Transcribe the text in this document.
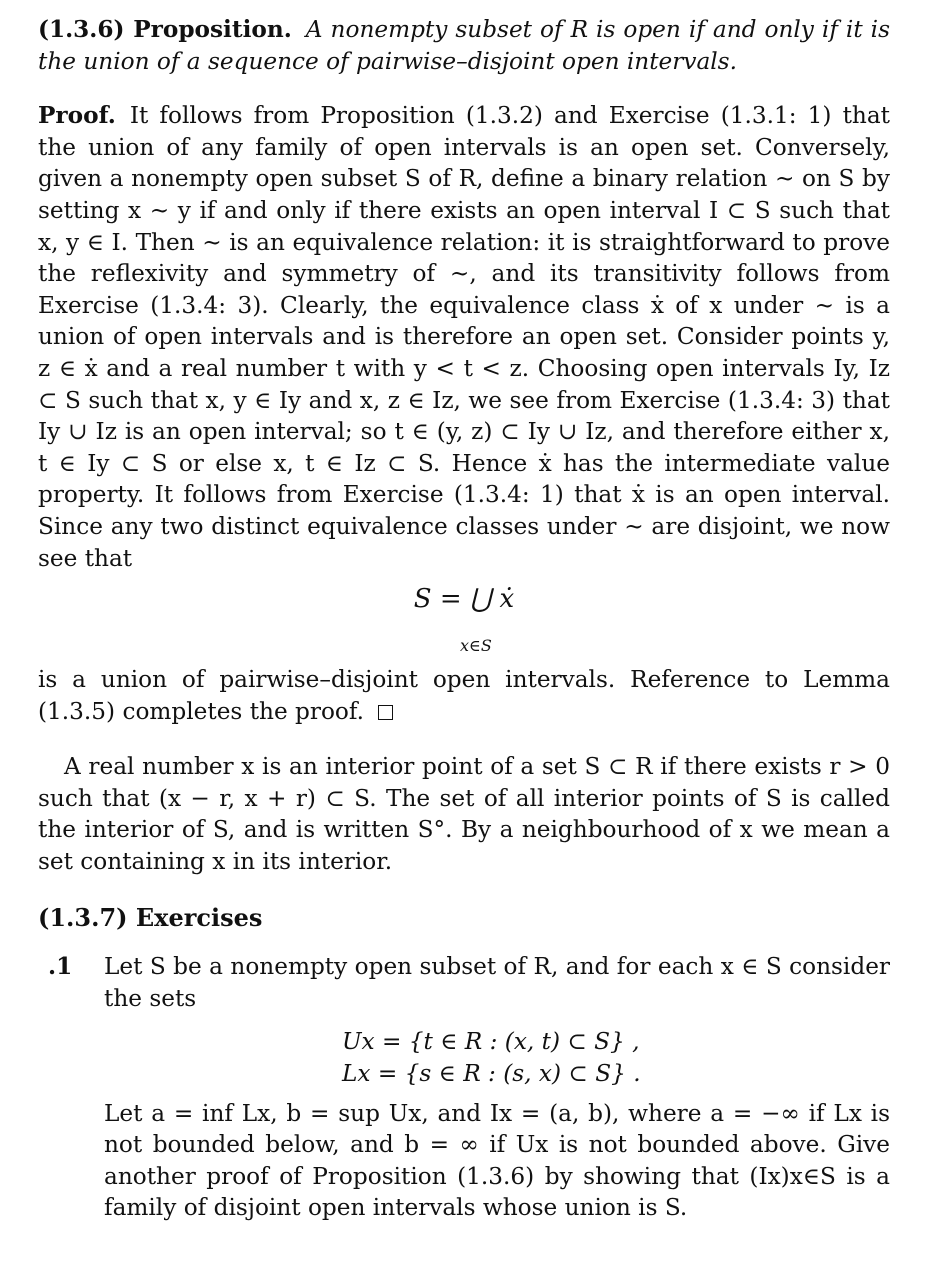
(1.3.6) Proposition. A nonempty subset of R is open if and only if it is the union of a sequence of pairwise–disjoint open intervals.

Proof. It follows from Proposition (1.3.2) and Exercise (1.3.1: 1) that the union of any family of open intervals is an open set. Conversely, given a nonempty open subset S of R, define a binary relation ∼ on S by setting x ∼ y if and only if there exists an open interval I ⊂ S such that x, y ∈ I. Then ∼ is an equivalence relation: it is straightforward to prove the reflexivity and symmetry of ∼, and its transitivity follows from Exercise (1.3.4: 3). Clearly, the equivalence class ẋ of x under ∼ is a union of open intervals and is therefore an open set. Consider points y, z ∈ ẋ and a real number t with y < t < z. Choosing open intervals Iy, Iz ⊂ S such that x, y ∈ Iy and x, z ∈ Iz, we see from Exercise (1.3.4: 3) that Iy ∪ Iz is an open interval; so t ∈ (y, z) ⊂ Iy ∪ Iz, and therefore either x, t ∈ Iy ⊂ S or else x, t ∈ Iz ⊂ S. Hence ẋ has the intermediate value property. It follows from Exercise (1.3.4: 1) that ẋ is an open interval. Since any two distinct equivalence classes under ∼ are disjoint, we now see that

S = ⋃ ẋ
x∈S

is a union of pairwise–disjoint open intervals. Reference to Lemma (1.3.5) completes the proof.

A real number x is an interior point of a set S ⊂ R if there exists r > 0 such that (x − r, x + r) ⊂ S. The set of all interior points of S is called the interior of S, and is written S°. By a neighbourhood of x we mean a set containing x in its interior.

(1.3.7) Exercises

.1 Let S be a nonempty open subset of R, and for each x ∈ S consider the sets

Ux = {t ∈ R : (x, t) ⊂ S} ,
Lx = {s ∈ R : (s, x) ⊂ S} .

Let a = inf Lx, b = sup Ux, and Ix = (a, b), where a = −∞ if Lx is not bounded below, and b = ∞ if Ux is not bounded above. Give another proof of Proposition (1.3.6) by showing that (Ix)x∈S is a family of disjoint open intervals whose union is S.
